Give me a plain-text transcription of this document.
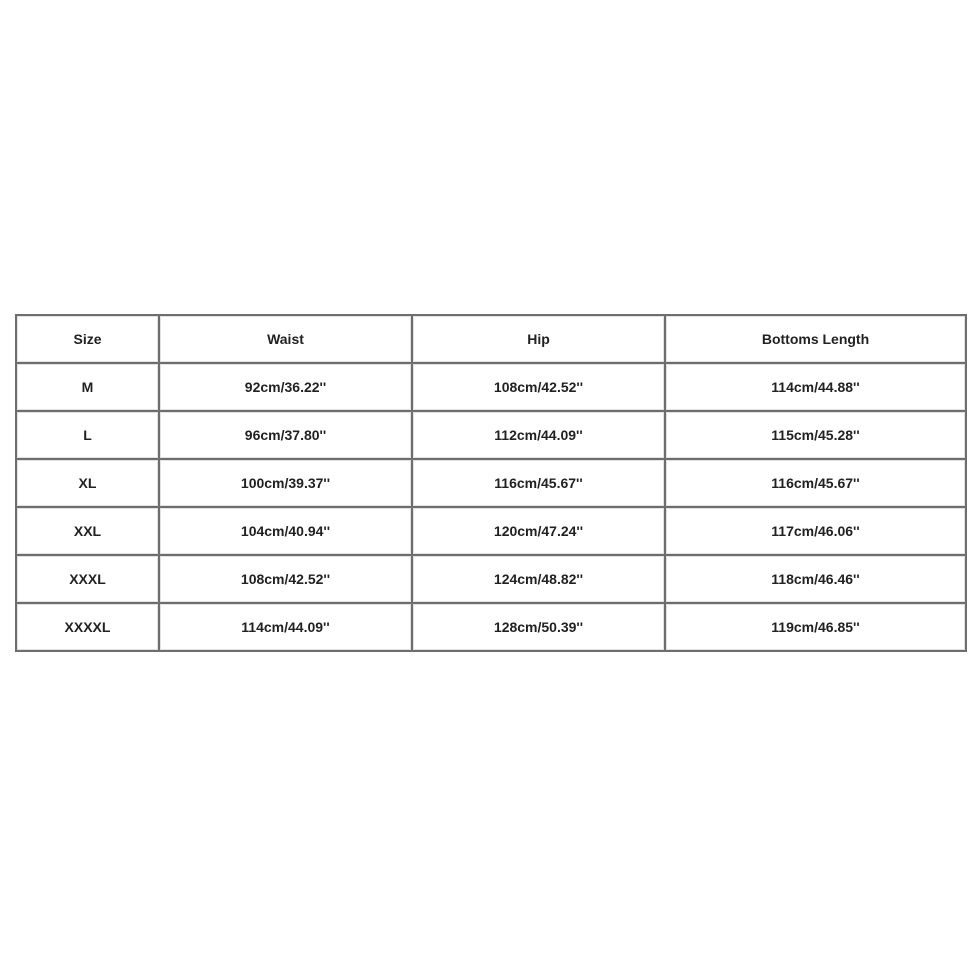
Size	Waist	Hip	Bottoms Length
M	92cm/36.22''	108cm/42.52''	114cm/44.88''
L	96cm/37.80''	112cm/44.09''	115cm/45.28''
XL	100cm/39.37''	116cm/45.67''	116cm/45.67''
XXL	104cm/40.94''	120cm/47.24''	117cm/46.06''
XXXL	108cm/42.52''	124cm/48.82''	118cm/46.46''
XXXXL	114cm/44.09''	128cm/50.39''	119cm/46.85''
